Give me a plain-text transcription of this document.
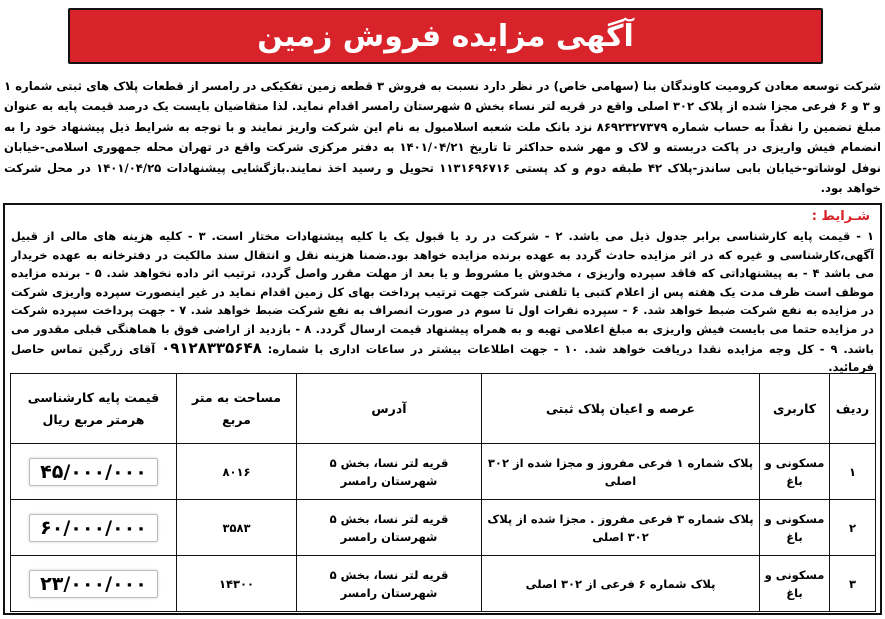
آگهی مزایده فروش زمین
شرکت توسعه معادن کرومیت کاوندگان بنا (سهامی خاص) در نظر دارد نسبت به فروش ۳ قطعه زمین تفکیکی در رامسر از قطعات پلاک های ثبتی شماره ۱ و ۳ و ۶ فرعی مجزا شده از پلاک ۳۰۲ اصلی واقع در قریه لتر نساء بخش ۵ شهرستان رامسر اقدام نماید. لذا متقاضیان بایست یک درصد قیمت پایه به عنوان مبلغ تضمین را نقداً به حساب شماره ۸۶۹۲۳۲۷۳۷۹ نزد بانک ملت شعبه اسلامبول به نام این شرکت واریز نمایند و با توجه به شرایط ذیل پیشنهاد خود را به انضمام فیش واریزی در پاکت دربسته و لاک و مهر شده حداکثر تا تاریخ ۱۴۰۱/۰۴/۲۱ به دفتر مرکزی شرکت واقع در تهران محله جمهوری اسلامی-خیابان نوفل لوشاتو-خیابان بابی ساندز-پلاک ۴۲ طبقه دوم و کد پستی ۱۱۳۱۶۹۶۷۱۶ تحویل و رسید اخذ نمایند.بازگشایی پیشنهادات ۱۴۰۱/۰۴/۲۵ در محل شرکت خواهد بود.
شـرایط :
۱ - قیمت پایه کارشناسی برابر جدول ذیل می باشد. ۲ - شرکت در رد یا قبول یک یا کلیه پیشنهادات مختار است. ۳ - کلیه هزینه های مالی از قبیل آگهی،کارشناسی و غیره که در اثر مزایده حادث گردد به عهده برنده مزایده خواهد بود.ضمنا هزینه نقل و انتقال سند مالکیت در دفترخانه به عهده خریدار می باشد ۴ - به پیشنهاداتی که فاقد سپرده واریزی ، مخدوش یا مشروط و یا بعد از مهلت مقرر واصل گردد، ترتیب اثر داده نخواهد شد. ۵ - برنده مزایده موظف است ظرف مدت یک هفته پس از اعلام کتبی یا تلفنی شرکت جهت ترتیب پرداخت بهای کل زمین اقدام نماید در غیر اینصورت سپرده واریزی شرکت در مزایده به نفع شرکت ضبط خواهد شد. ۶ - سپرده نفرات اول تا سوم در صورت انصراف به نفع شرکت ضبط خواهد شد. ۷ - جهت پرداخت سپرده شرکت در مزایده حتما می بایست فیش واریزی به مبلغ اعلامی تهیه و به همراه پیشنهاد قیمت ارسال گردد. ۸ - بازدید از اراضی فوق با هماهنگی قبلی مقدور می باشد. ۹ - کل وجه مزایده نقدا دریافت خواهد شد. ۱۰ - جهت اطلاعات بیشتر در ساعات اداری با شماره: ۰۹۱۲۸۳۳۵۶۴۸ آقای زرگین تماس حاصل فرمائید.
ردیف	کاربری	عرصه و اعیان پلاک ثبتی	آدرس	مساحت به متر مربع	قیمت پایه کارشناسی هرمتر مربع ریال
۱	مسکونی و باغ	پلاک شماره ۱ فرعی مفروز و مجزا شده از ۳۰۲ اصلی	قریه لتر نسا، بخش ۵ شهرستان رامسر	۸۰۱۶	۴۵/۰۰۰/۰۰۰
۲	مسکونی و باغ	پلاک شماره ۳ فرعی مفروز . مجزا شده از پلاک ۳۰۲ اصلی	قریه لتر نسا، بخش ۵ شهرستان رامسر	۳۵۸۳	۶۰/۰۰۰/۰۰۰
۳	مسکونی و باغ	پلاک شماره ۶ فرعی از ۳۰۲ اصلی	قریه لتر نسا، بخش ۵ شهرستان رامسر	۱۴۳۰۰	۲۳/۰۰۰/۰۰۰
